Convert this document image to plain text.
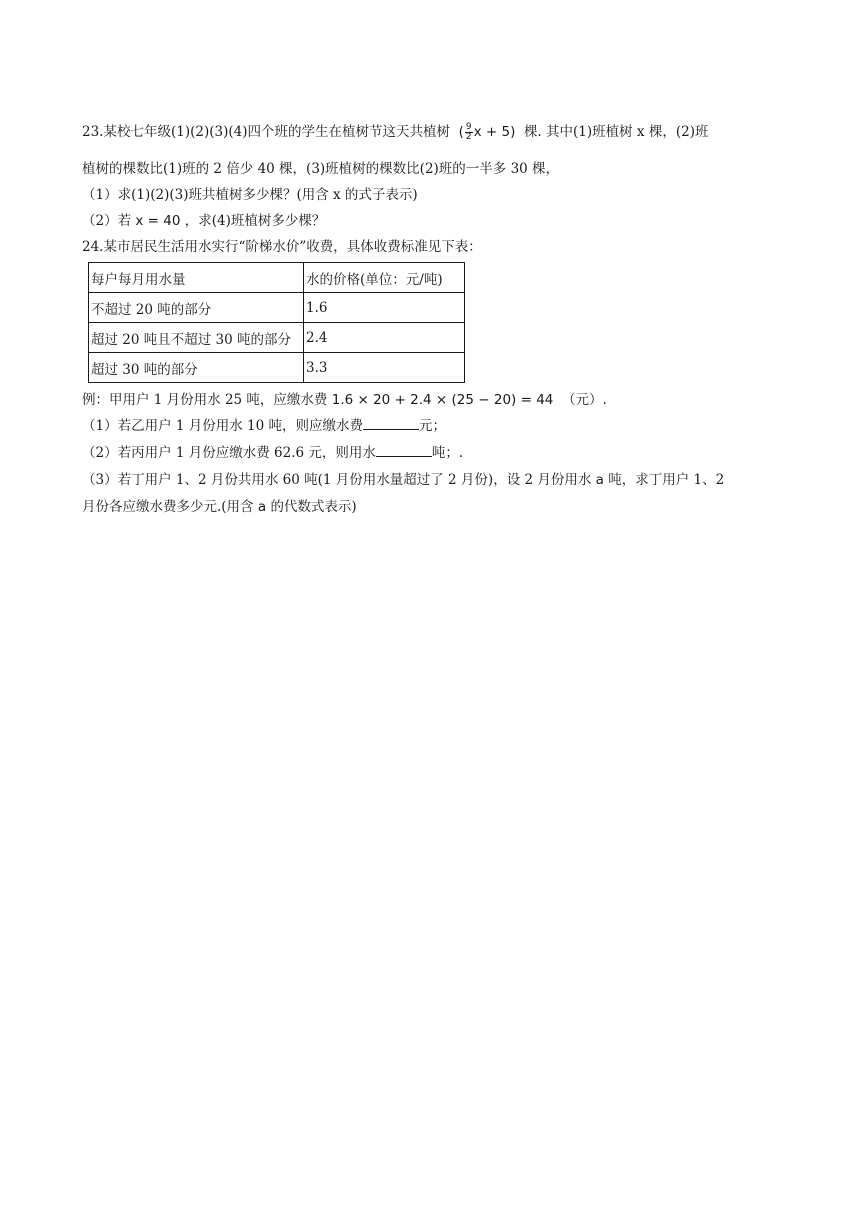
23.某校七年级(1)(2)(3)(4)四个班的学生在植树节这天共植树 ( $\frac{9}{2}$ x + 5) 棵. 其中(1)班植树 x 棵，(2)班
植树的棵数比(1)班的 2 倍少 40 棵，(3)班植树的棵数比(2)班的一半多 30 棵，
（1）求(1)(2)(3)班共植树多少棵？(用含 x 的式子表示)
（2）若 x = 40 ，求(4)班植树多少棵？
24.某市居民生活用水实行“阶梯水价”收费，具体收费标准见下表：
每户每月用水量	水的价格(单位：元/吨)
不超过 20 吨的部分	1.6
超过 20 吨且不超过 30 吨的部分	2.4
超过 30 吨的部分	3.3
例：甲用户 1 月份用水 25 吨，应缴水费 1.6 × 20 + 2.4 × (25 − 20) = 44 （元）.
（1）若乙用户 1 月份用水 10 吨，则应缴水费	元；
（2）若丙用户 1 月份应缴水费 62.6 元，则用水	吨；.
（3）若丁用户 1、2 月份共用水 60 吨(1 月份用水量超过了 2 月份)，设 2 月份用水 a 吨，求丁用户 1、2
月份各应缴水费多少元.(用含 a 的代数式表示)
